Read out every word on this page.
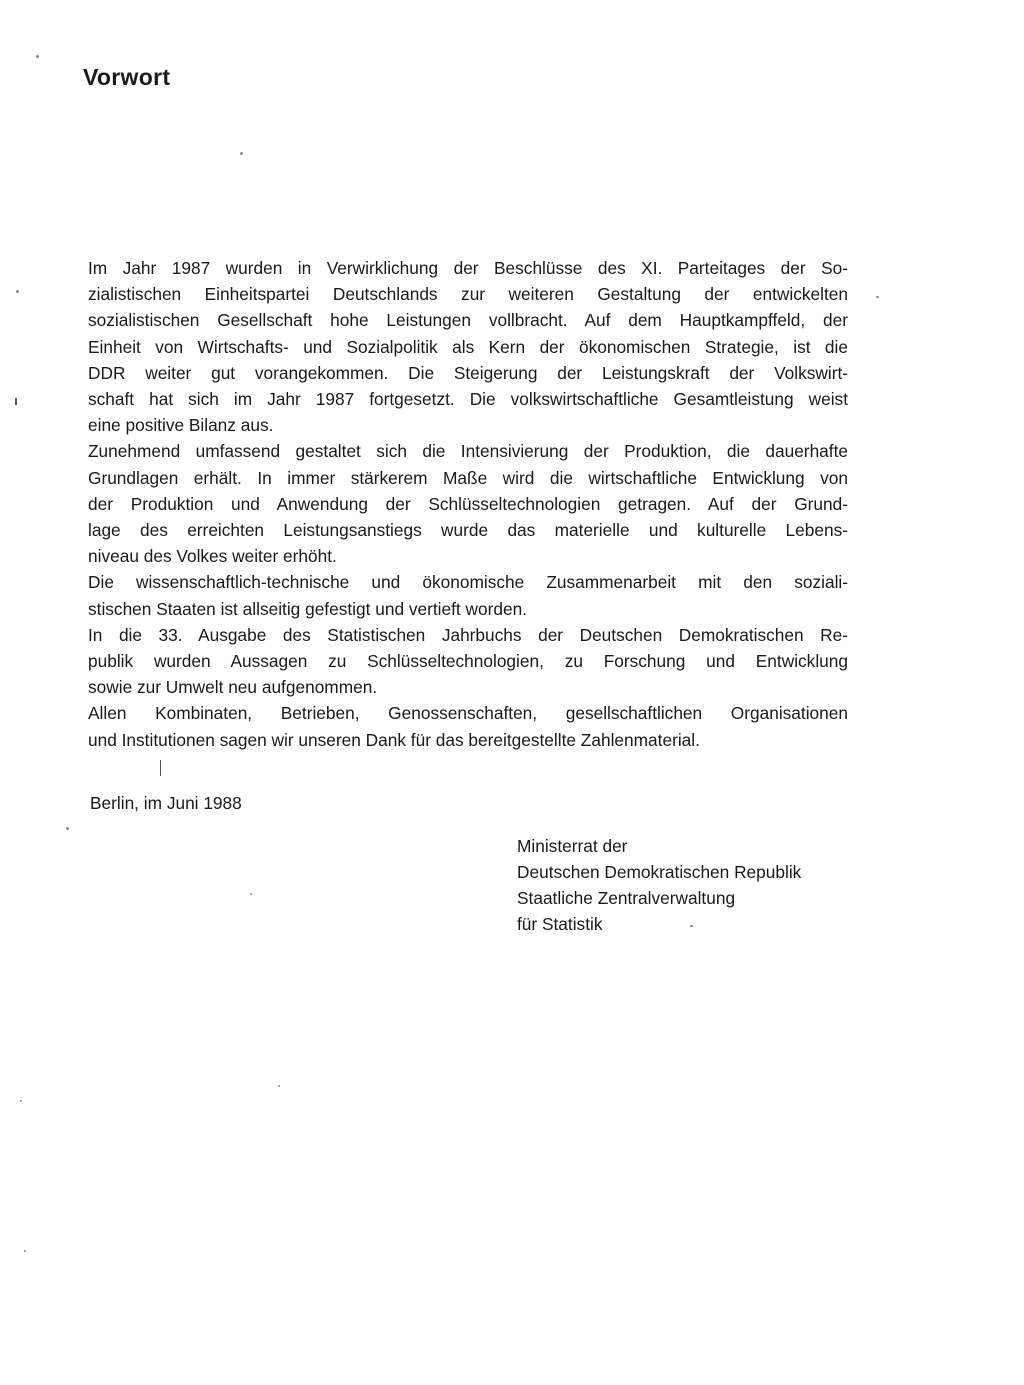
Vorwort
Im Jahr 1987 wurden in Verwirklichung der Beschlüsse des XI. Parteitages der So-
zialistischen Einheitspartei Deutschlands zur weiteren Gestaltung der entwickelten
sozialistischen Gesellschaft hohe Leistungen vollbracht. Auf dem Hauptkampffeld, der
Einheit von Wirtschafts- und Sozialpolitik als Kern der ökonomischen Strategie, ist die
DDR weiter gut vorangekommen. Die Steigerung der Leistungskraft der Volkswirt-
schaft hat sich im Jahr 1987 fortgesetzt. Die volkswirtschaftliche Gesamtleistung weist
eine positive Bilanz aus.
Zunehmend umfassend gestaltet sich die Intensivierung der Produktion, die dauerhafte
Grundlagen erhält. In immer stärkerem Maße wird die wirtschaftliche Entwicklung von
der Produktion und Anwendung der Schlüsseltechnologien getragen. Auf der Grund-
lage des erreichten Leistungsanstiegs wurde das materielle und kulturelle Lebens-
niveau des Volkes weiter erhöht.
Die wissenschaftlich-technische und ökonomische Zusammenarbeit mit den soziali-
stischen Staaten ist allseitig gefestigt und vertieft worden.
In die 33. Ausgabe des Statistischen Jahrbuchs der Deutschen Demokratischen Re-
publik wurden Aussagen zu Schlüsseltechnologien, zu Forschung und Entwicklung
sowie zur Umwelt neu aufgenommen.
Allen Kombinaten, Betrieben, Genossenschaften, gesellschaftlichen Organisationen
und Institutionen sagen wir unseren Dank für das bereitgestellte Zahlenmaterial.

Berlin, im Juni 1988

Ministerrat der
Deutschen Demokratischen Republik
Staatliche Zentralverwaltung
für Statistik
